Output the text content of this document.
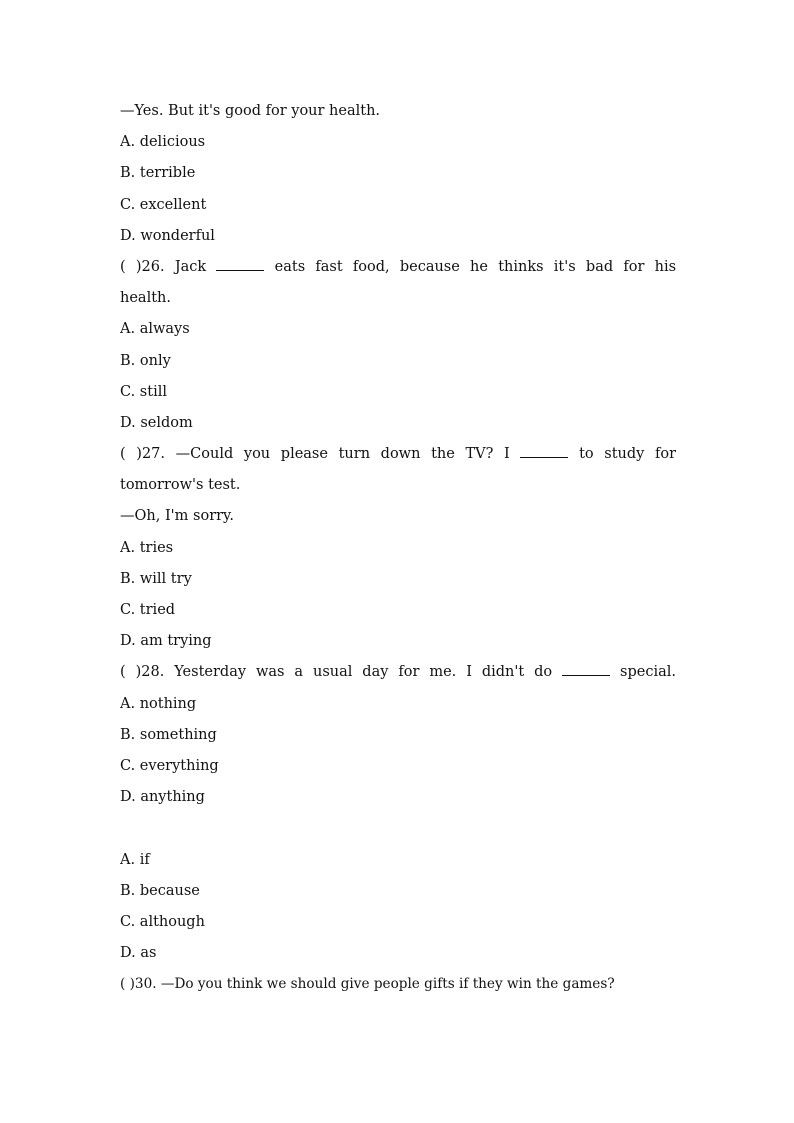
—Yes. But it's good for your health.
A. delicious
B. terrible
C. excellent
D. wonderful
( )26. Jack	eats fast food, because he thinks it's bad for his
health.
A. always
B. only
C. still
D. seldom
( )27. —Could you please turn down the TV? I	to study for
tomorrow's test.
—Oh, I'm sorry.
A. tries
B. will try
C. tried
D. am trying
( )28. Yesterday was a usual day for me. I didn't do	special.
A. nothing
B. something
C. everything
D. anything

A. if
B. because
C. although
D. as
( )30. —Do you think we should give people gifts if they win the games?
